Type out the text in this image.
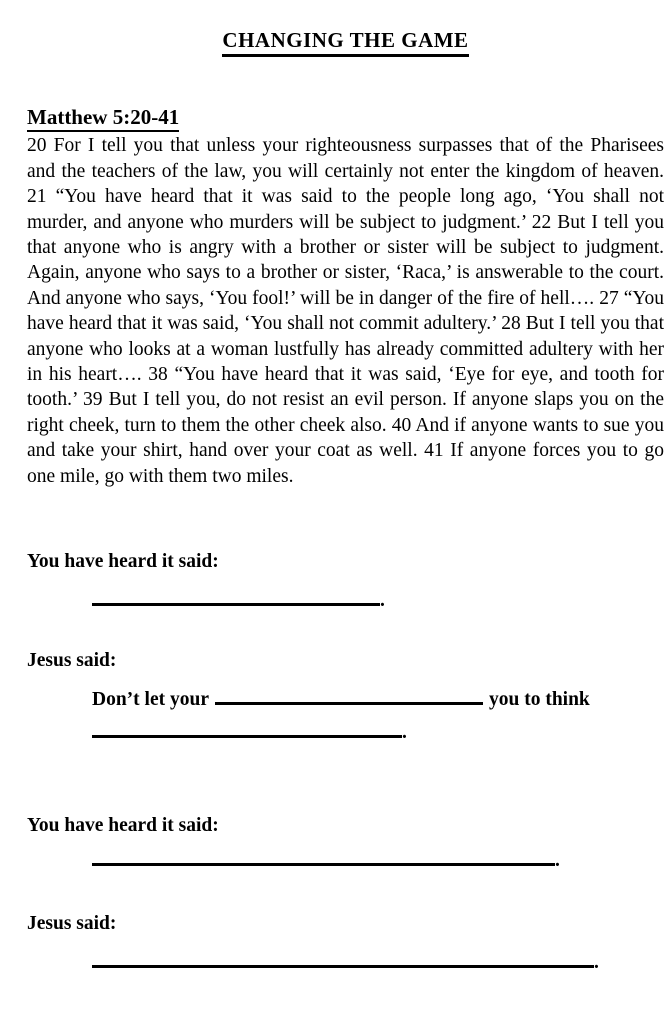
CHANGING THE GAME
Matthew 5:20-41
20 For I tell you that unless your righteousness surpasses that of the Pharisees and the teachers of the law, you will certainly not enter the kingdom of heaven. 21 “You have heard that it was said to the people long ago, ‘You shall not murder, and anyone who murders will be subject to judgment.’ 22 But I tell you that anyone who is angry with a brother or sister will be subject to judgment. Again, anyone who says to a brother or sister, ‘Raca,’ is answerable to the court. And anyone who says, ‘You fool!’ will be in danger of the fire of hell…. 27 “You have heard that it was said, ‘You shall not commit adultery.’ 28 But I tell you that anyone who looks at a woman lustfully has already committed adultery with her in his heart…. 38 “You have heard that it was said, ‘Eye for eye, and tooth for tooth.’ 39 But I tell you, do not resist an evil person. If anyone slaps you on the right cheek, turn to them the other cheek also. 40 And if anyone wants to sue you and take your shirt, hand over your coat as well. 41 If anyone forces you to go one mile, go with them two miles.
You have heard it said:
.
Jesus said:
Don’t let your	you to think
.
You have heard it said:
.
Jesus said:
.
